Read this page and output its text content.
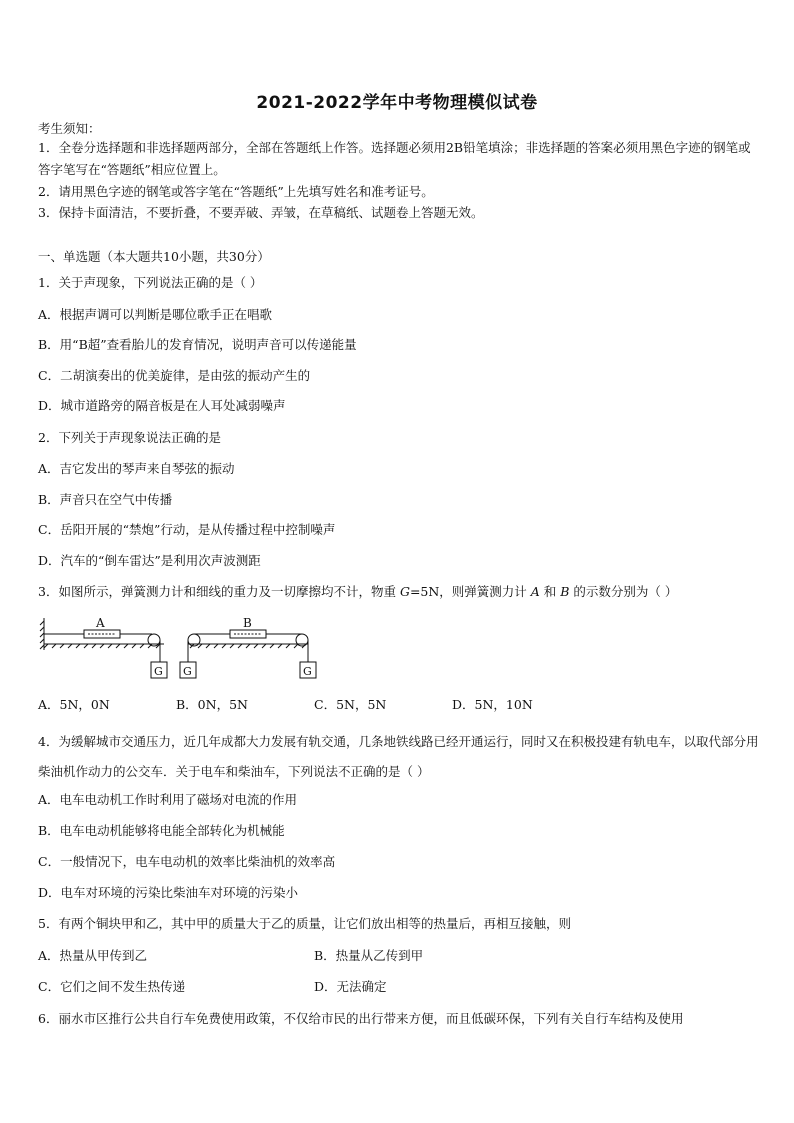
2021-2022学年中考物理模似试卷
考生须知：
1．全卷分选择题和非选择题两部分，全部在答题纸上作答。选择题必须用2B铅笔填涂；非选择题的答案必须用黑色字迹的钢笔或答字笔写在“答题纸”相应位置上。
2．请用黑色字迹的钢笔或答字笔在“答题纸”上先填写姓名和准考证号。
3．保持卡面清洁，不要折叠，不要弄破、弄皱，在草稿纸、试题卷上答题无效。
一、单选题（本大题共10小题，共30分）
1．关于声现象，下列说法正确的是（ ）
A．根据声调可以判断是哪位歌手正在唱歌
B．用“B超”查看胎儿的发育情况，说明声音可以传递能量
C．二胡演奏出的优美旋律，是由弦的振动产生的
D．城市道路旁的隔音板是在人耳处减弱噪声
2．下列关于声现象说法正确的是
A．吉它发出的琴声来自琴弦的振动
B．声音只在空气中传播
C．岳阳开展的“禁炮”行动，是从传播过程中控制噪声
D．汽车的“倒车雷达”是利用次声波测距
3．如图所示，弹簧测力计和细线的重力及一切摩擦均不计，物重 G=5N，则弹簧测力计 A 和 B 的示数分别为（ ）
A	B
G G	G
A．5N，0N	B．0N，5N	C．5N，5N	D．5N，10N
4．为缓解城市交通压力，近几年成都大力发展有轨交通，几条地铁线路已经开通运行，同时又在积极投建有轨电车，以取代部分用柴油机作动力的公交车．关于电车和柴油车，下列说法不正确的是（ ）
A．电车电动机工作时利用了磁场对电流的作用
B．电车电动机能够将电能全部转化为机械能
C．一般情况下，电车电动机的效率比柴油机的效率高
D．电车对环境的污染比柴油车对环境的污染小
5．有两个铜块甲和乙，其中甲的质量大于乙的质量，让它们放出相等的热量后，再相互接触，则
A．热量从甲传到乙	B．热量从乙传到甲
C．它们之间不发生热传递	D．无法确定
6．丽水市区推行公共自行车免费使用政策，不仅给市民的出行带来方便，而且低碳环保，下列有关自行车结构及使用
